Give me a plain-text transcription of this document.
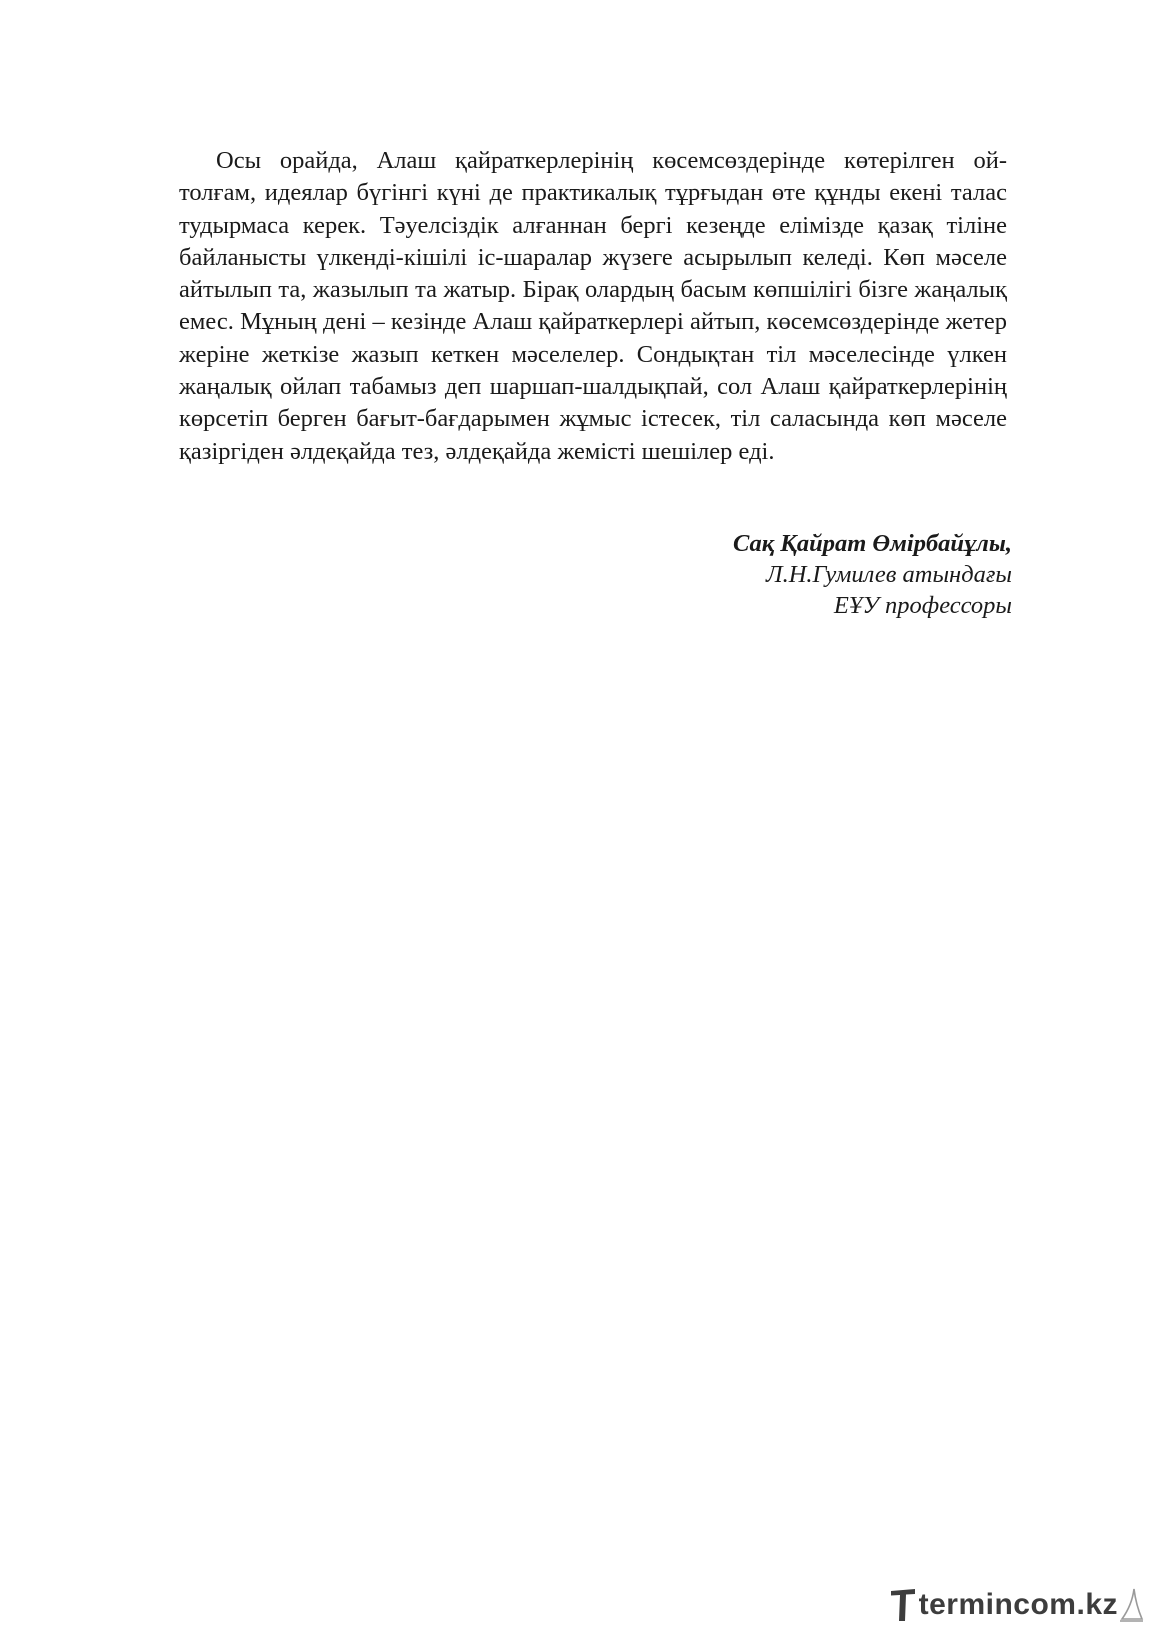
Осы орайда, Алаш қайраткерлерінің көсемсөздерінде көтерілген ой-толғам, идеялар бүгінгі күні де практикалық тұрғыдан өте құнды екені талас тудырмаса керек. Тәуелсіздік алғаннан бергі кезеңде елімізде қазақ тіліне байланысты үлкенді-кішілі іс-шаралар жүзеге асырылып келеді. Көп мәселе айтылып та, жазылып та жатыр. Бірақ олардың басым көпшілігі бізге жаңалық емес. Мұның дені – кезінде Алаш қайраткерлері айтып, көсемсөздерінде жетер жеріне жеткізе жазып кеткен мәселелер. Сондықтан тіл мәселесінде үлкен жаңалық ойлап табамыз деп шаршап-шалдықпай, сол Алаш қайраткерлерінің көрсетіп берген бағыт-бағдарымен жұмыс істесек, тіл саласында көп мәселе қазіргіден әлдеқайда тез, әлдеқайда жемісті шешілер еді.

Сақ Қайрат Өмірбайұлы,
Л.Н.Гумилев атындағы
ЕҰУ профессоры
termincom.kz
